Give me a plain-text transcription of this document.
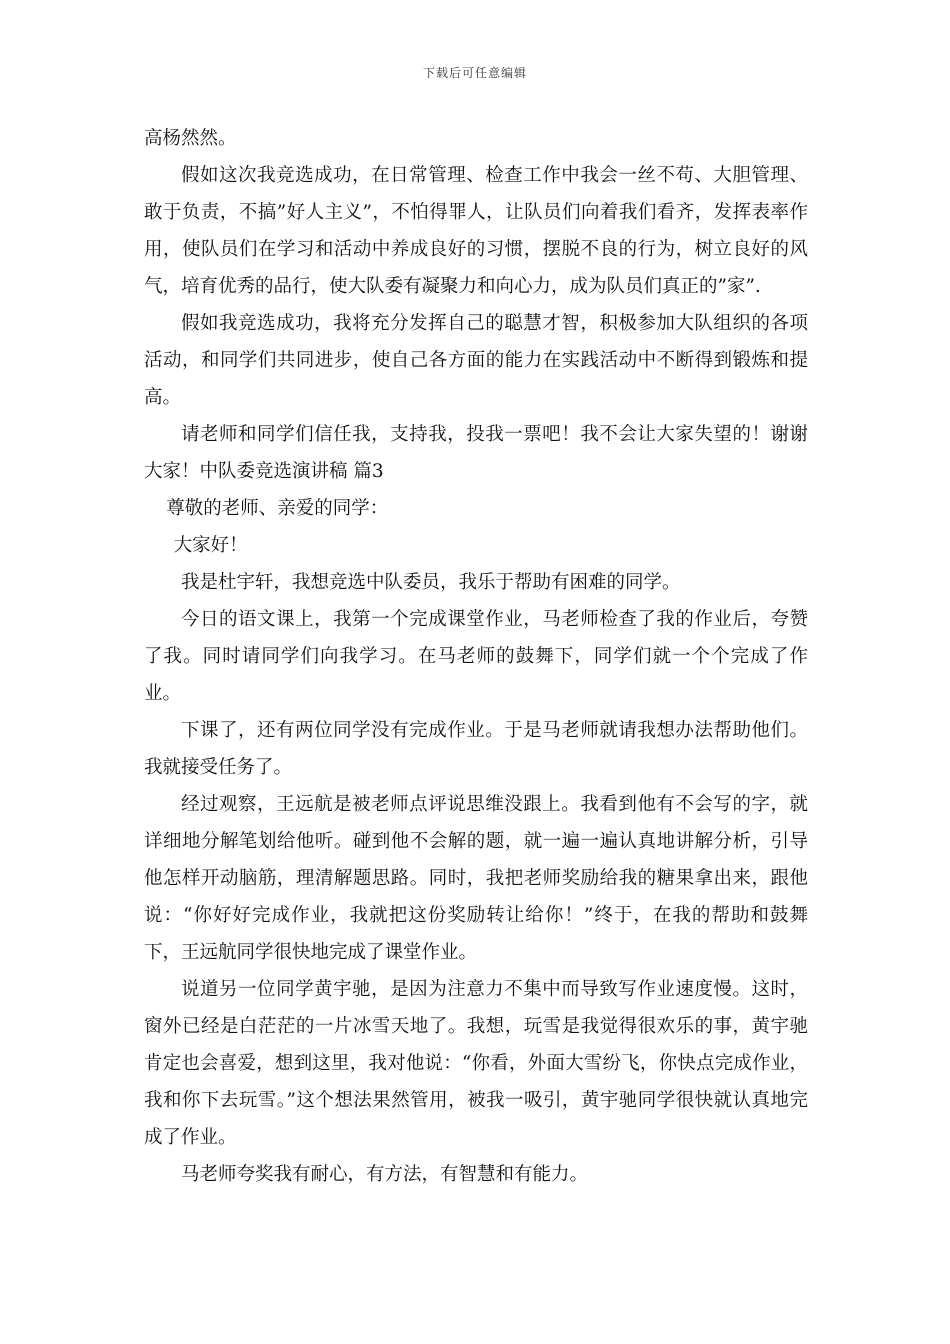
下载后可任意编辑

高杨然然。

假如这次我竞选成功，在日常管理、检查工作中我会一丝不苟、大胆管理、敢于负责，不搞”好人主义”，不怕得罪人，让队员们向着我们看齐，发挥表率作用，使队员们在学习和活动中养成良好的习惯，摆脱不良的行为，树立良好的风气，培育优秀的品行，使大队委有凝聚力和向心力，成为队员们真正的”家”.

假如我竞选成功，我将充分发挥自己的聪慧才智，积极参加大队组织的各项活动，和同学们共同进步，使自己各方面的能力在实践活动中不断得到锻炼和提高。

请老师和同学们信任我，支持我，投我一票吧！我不会让大家失望的！谢谢大家！中队委竞选演讲稿 篇3

尊敬的老师、亲爱的同学：

大家好！

我是杜宇轩，我想竞选中队委员，我乐于帮助有困难的同学。

今日的语文课上，我第一个完成课堂作业，马老师检查了我的作业后，夸赞了我。同时请同学们向我学习。在马老师的鼓舞下，同学们就一个个完成了作业。

下课了，还有两位同学没有完成作业。于是马老师就请我想办法帮助他们。我就接受任务了。

经过观察，王远航是被老师点评说思维没跟上。我看到他有不会写的字，就详细地分解笔划给他听。碰到他不会解的题，就一遍一遍认真地讲解分析，引导他怎样开动脑筋，理清解题思路。同时，我把老师奖励给我的糖果拿出来，跟他说：“你好好完成作业，我就把这份奖励转让给你！”终于，在我的帮助和鼓舞下，王远航同学很快地完成了课堂作业。

说道另一位同学黄宇驰，是因为注意力不集中而导致写作业速度慢。这时，窗外已经是白茫茫的一片冰雪天地了。我想，玩雪是我觉得很欢乐的事，黄宇驰肯定也会喜爱，想到这里，我对他说：“你看，外面大雪纷飞，你快点完成作业，我和你下去玩雪。”这个想法果然管用，被我一吸引，黄宇驰同学很快就认真地完成了作业。

马老师夸奖我有耐心，有方法，有智慧和有能力。
